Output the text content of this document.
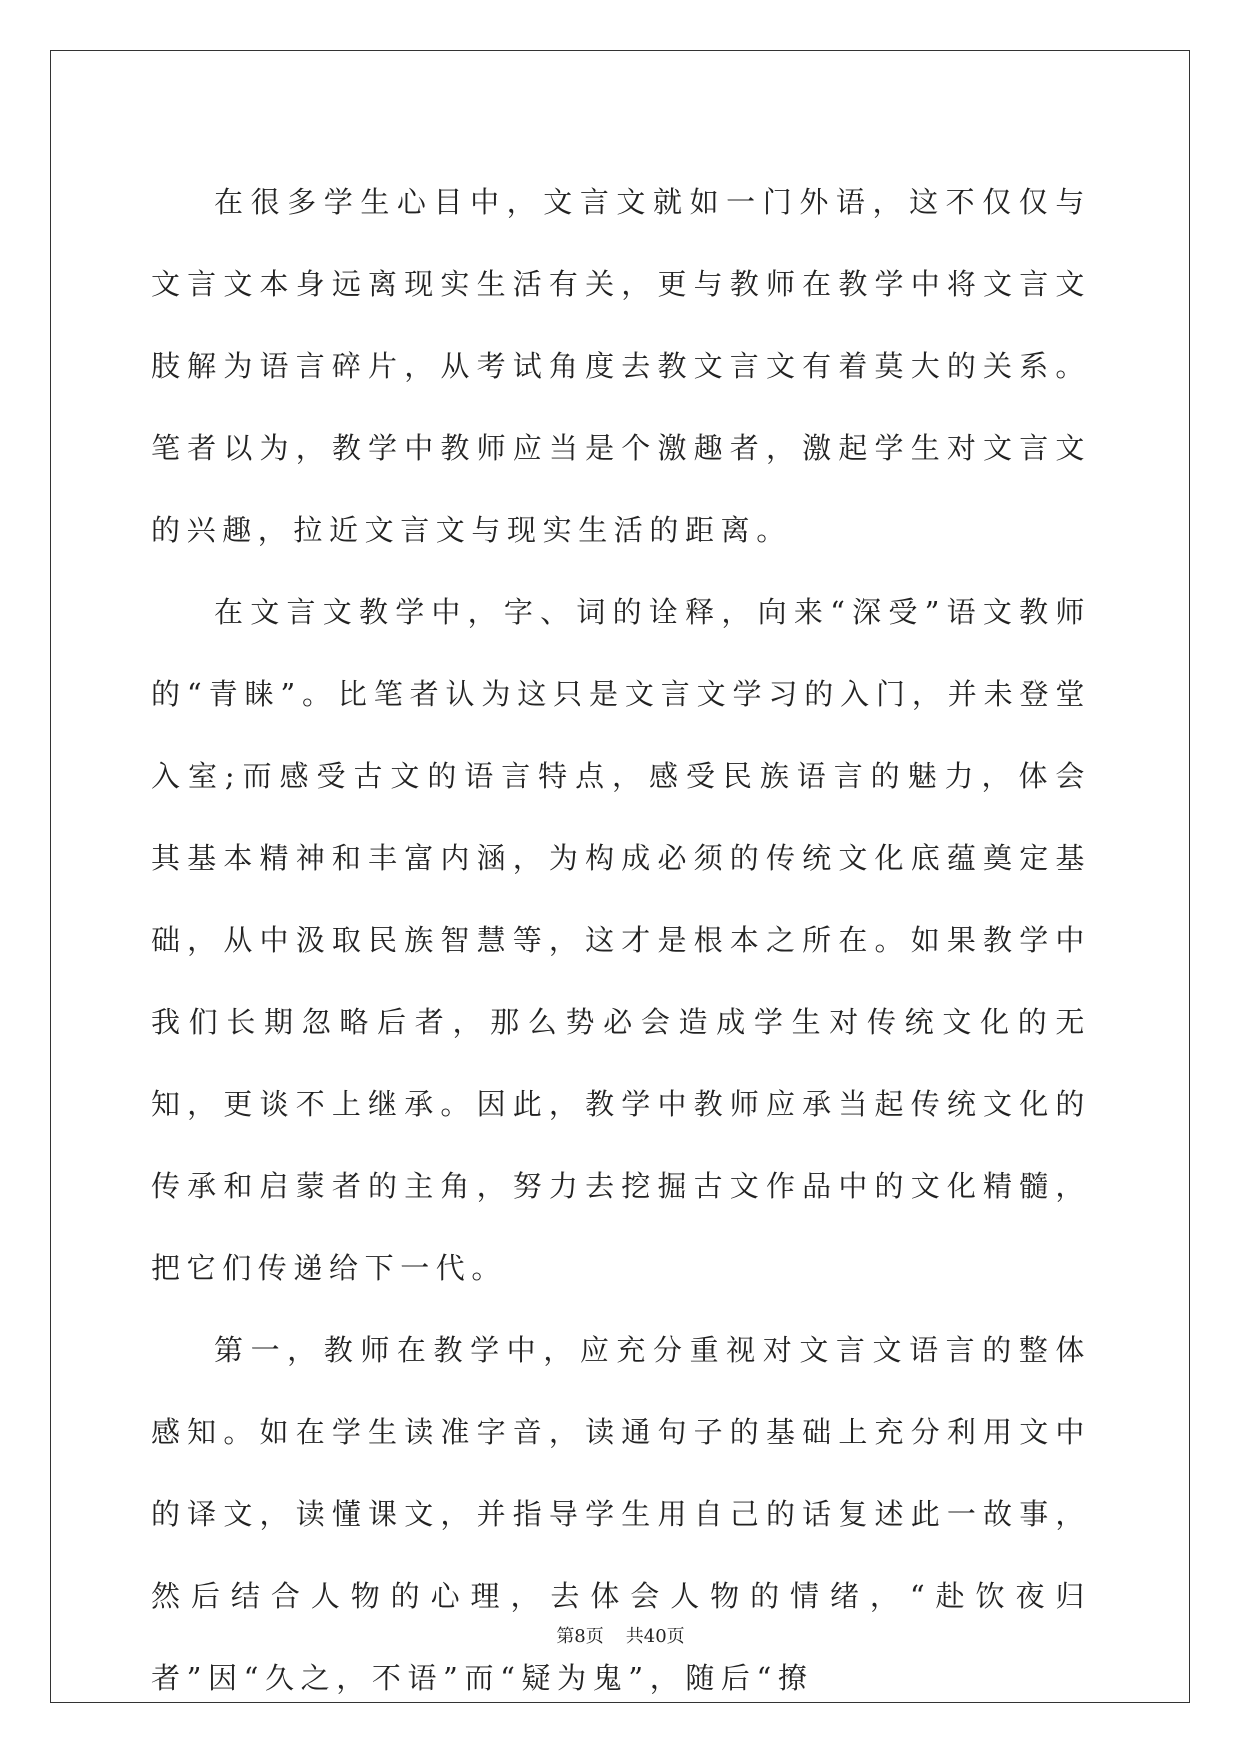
在很多学生心目中，文言文就如一门外语，这不仅仅与文言文本身远离现实生活有关，更与教师在教学中将文言文肢解为语言碎片，从考试角度去教文言文有着莫大的关系。笔者以为，教学中教师应当是个激趣者，激起学生对文言文的兴趣，拉近文言文与现实生活的距离。

在文言文教学中，字、词的诠释，向来“深受”语文教师的“青睐”。比笔者认为这只是文言文学习的入门，并未登堂入室;而感受古文的语言特点，感受民族语言的魅力，体会其基本精神和丰富内涵，为构成必须的传统文化底蕴奠定基础，从中汲取民族智慧等，这才是根本之所在。如果教学中我们长期忽略后者，那么势必会造成学生对传统文化的无知，更谈不上继承。因此，教学中教师应承当起传统文化的传承和启蒙者的主角，努力去挖掘古文作品中的文化精髓，把它们传递给下一代。

第一，教师在教学中，应充分重视对文言文语言的整体感知。如在学生读准字音，读通句子的基础上充分利用文中的译文，读懂课文，并指导学生用自己的话复述此一故事，然后结合人物的心理，去体会人物的情绪，“赴饮夜归者”因“久之，不语”而“疑为鬼”，随后“撩

第8页 共40页
